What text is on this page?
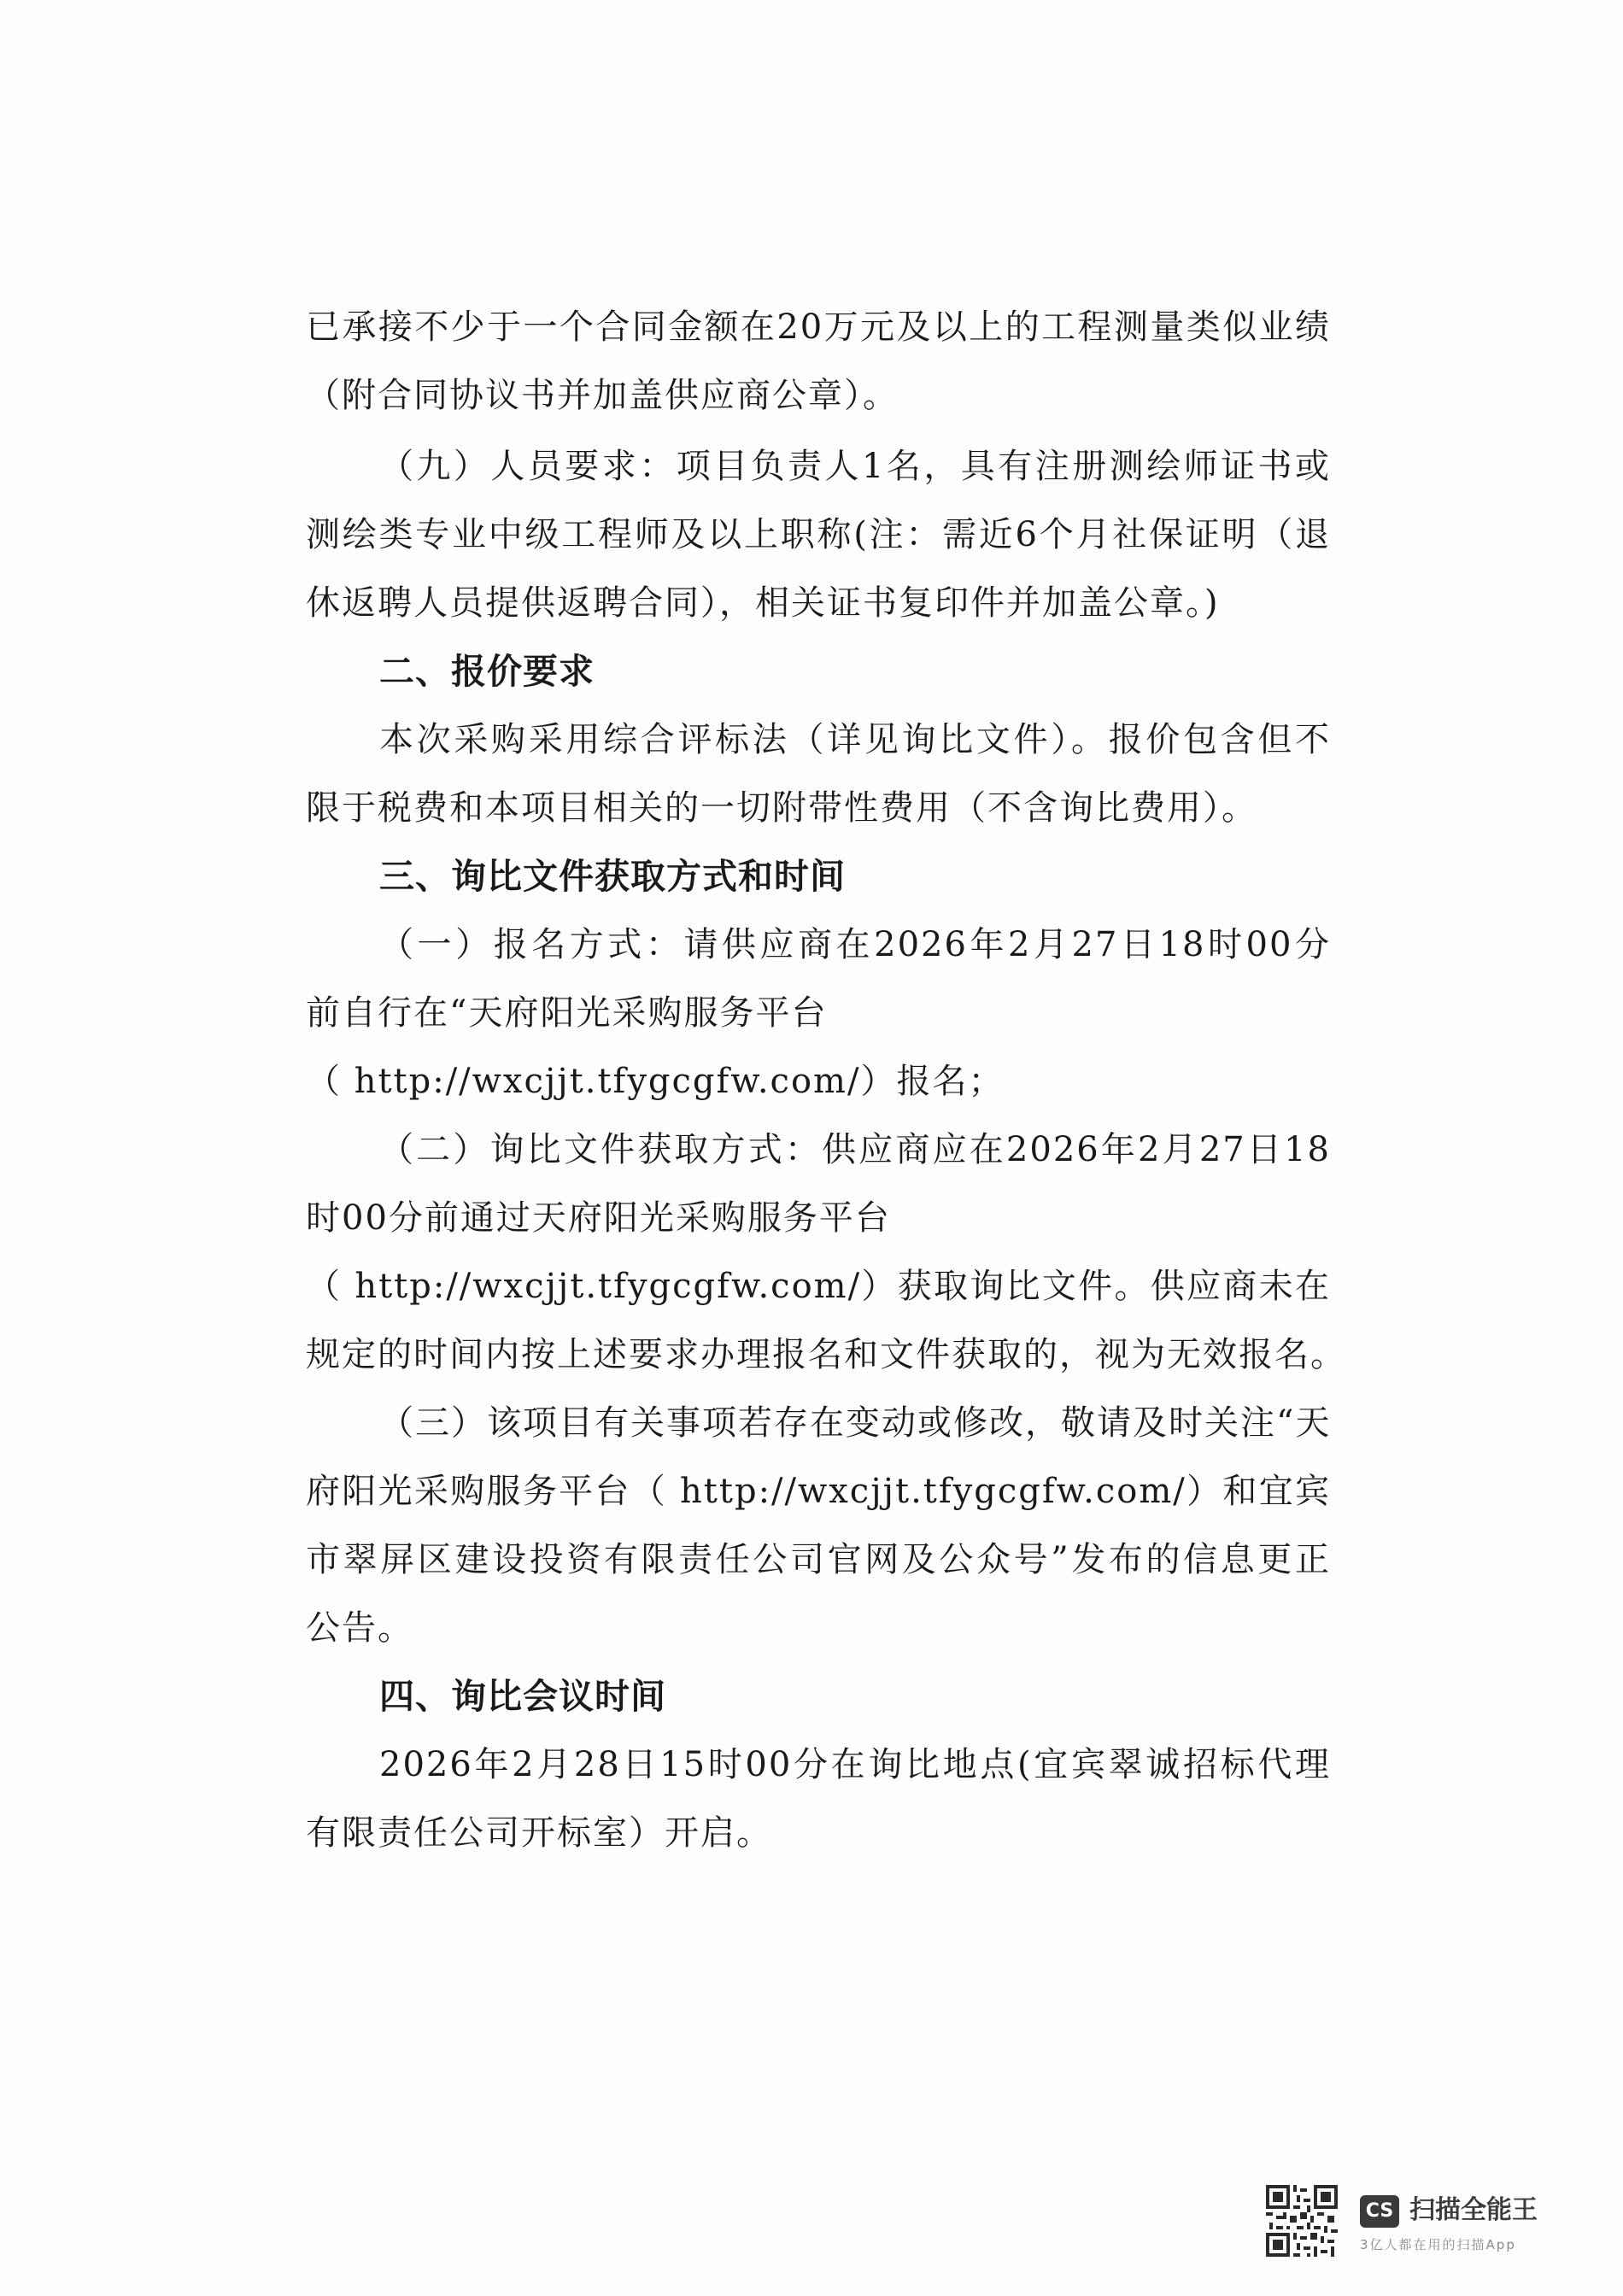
已承接不少于一个合同金额在20万元及以上的工程测量类似业绩
（附合同协议书并加盖供应商公章）。
（九）人员要求：项目负责人1名，具有注册测绘师证书或
测绘类专业中级工程师及以上职称(注：需近6个月社保证明（退
休返聘人员提供返聘合同），相关证书复印件并加盖公章。)
二、报价要求
本次采购采用综合评标法（详见询比文件）。报价包含但不
限于税费和本项目相关的一切附带性费用（不含询比费用）。
三、询比文件获取方式和时间
（一）报名方式：请供应商在2026年2月27日18时00分
前自行在“天府阳光采购服务平台
（ http://wxcjjt.tfygcgfw.com/）报名；
（二）询比文件获取方式：供应商应在2026年2月27日18
时00分前通过天府阳光采购服务平台
（ http://wxcjjt.tfygcgfw.com/）获取询比文件。供应商未在
规定的时间内按上述要求办理报名和文件获取的，视为无效报名。
（三）该项目有关事项若存在变动或修改，敬请及时关注“天
府阳光采购服务平台（ http://wxcjjt.tfygcgfw.com/）和宜宾
市翠屏区建设投资有限责任公司官网及公众号”发布的信息更正
公告。
四、询比会议时间
2026年2月28日15时00分在询比地点(宜宾翠诚招标代理
有限责任公司开标室）开启。
CS 扫描全能王
3亿人都在用的扫描App
